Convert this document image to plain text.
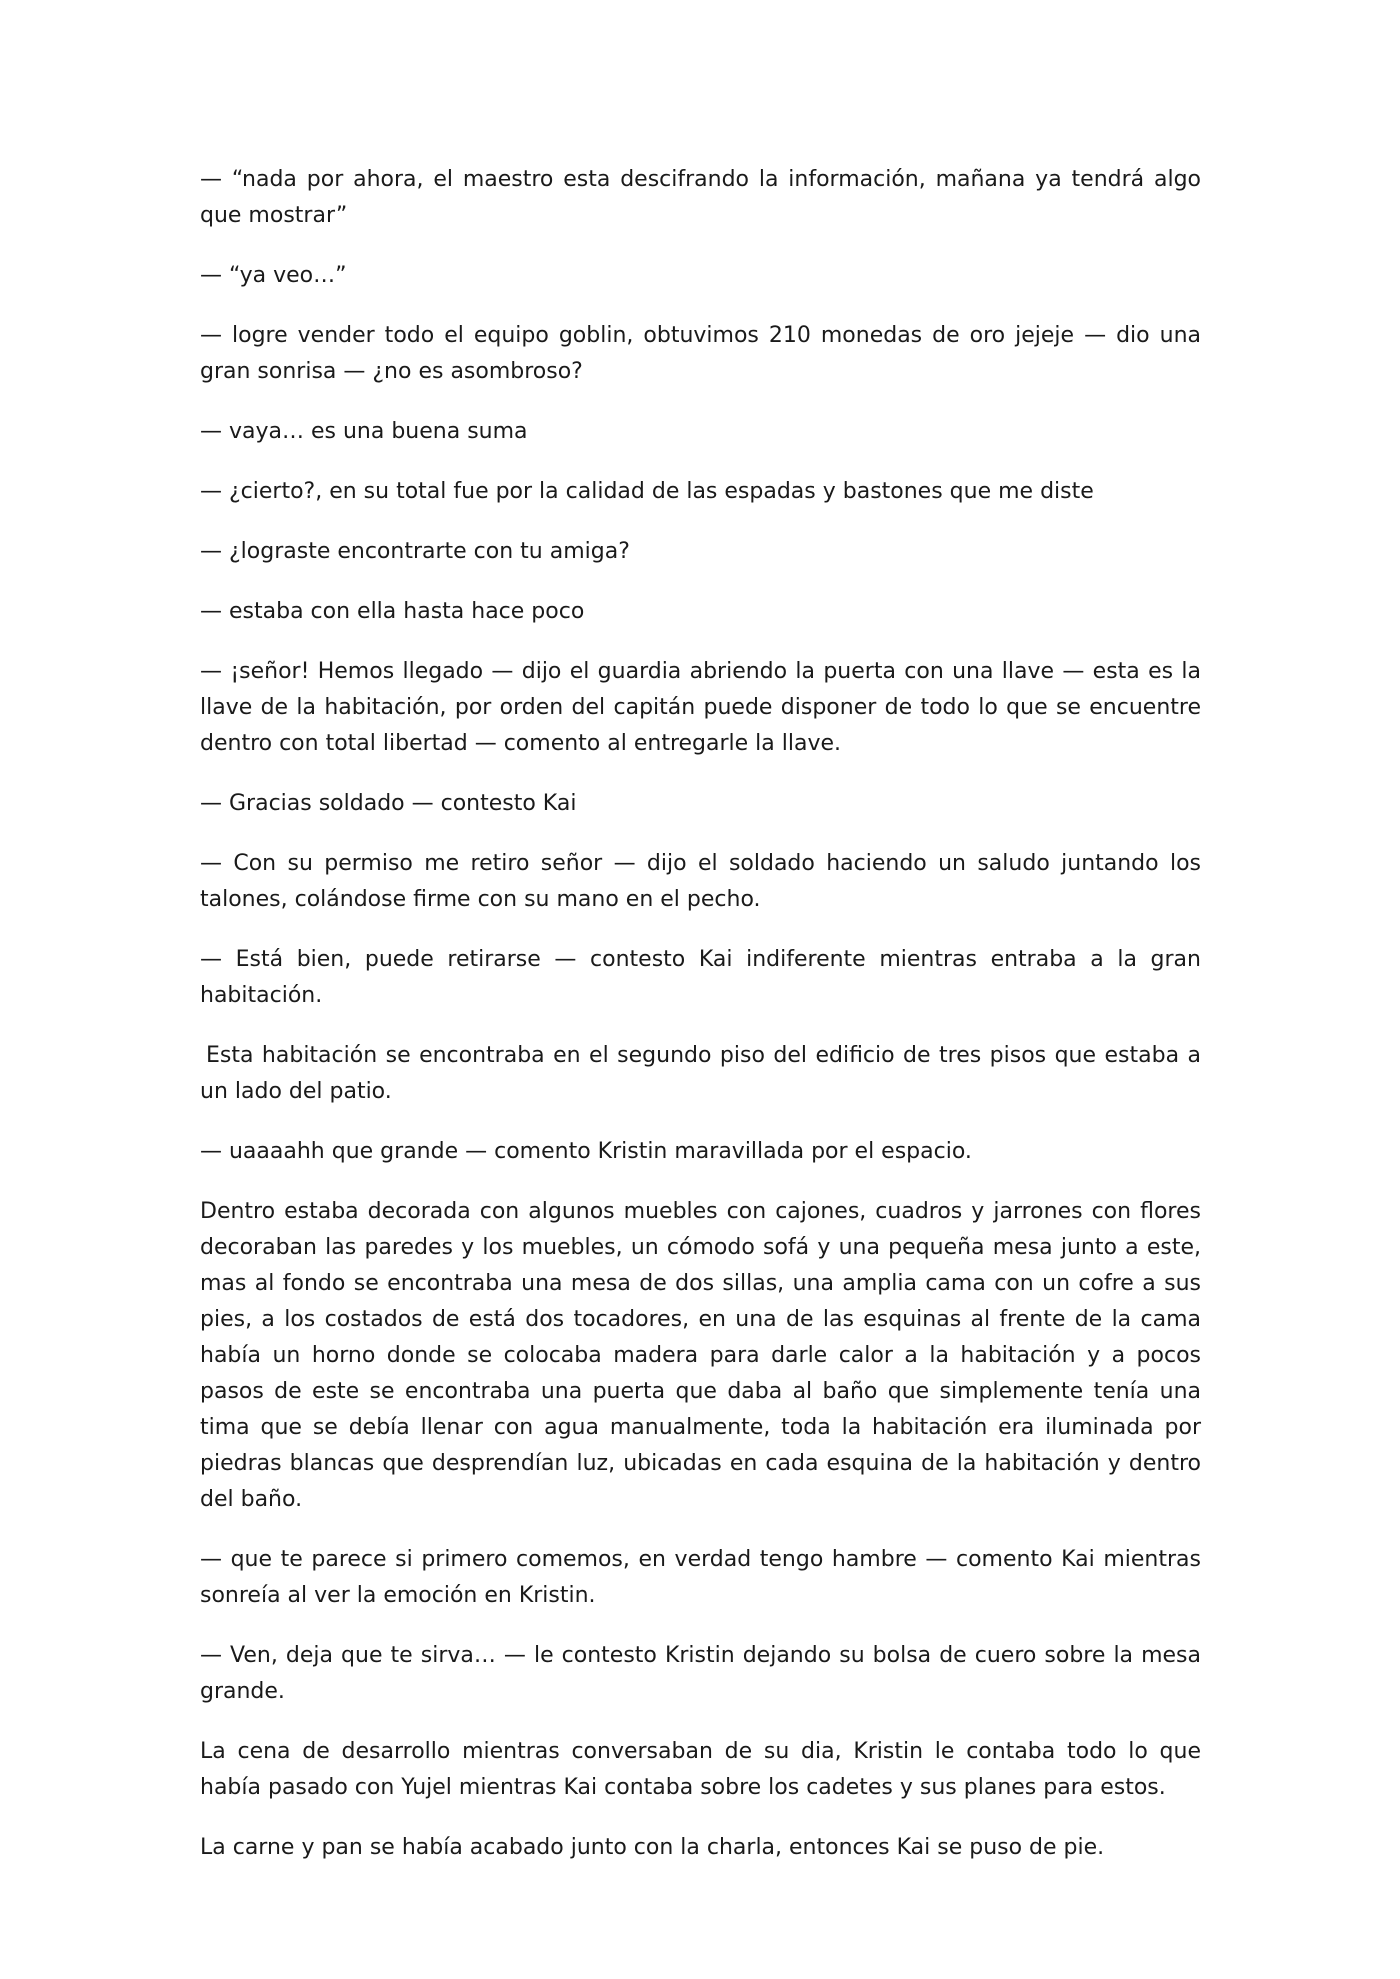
— “nada por ahora, el maestro esta descifrando la información, mañana ya tendrá algo que mostrar”

— “ya veo…”

— logre vender todo el equipo goblin, obtuvimos 210 monedas de oro jejeje — dio una gran sonrisa — ¿no es asombroso?

— vaya… es una buena suma

— ¿cierto?, en su total fue por la calidad de las espadas y bastones que me diste

— ¿lograste encontrarte con tu amiga?

— estaba con ella hasta hace poco

— ¡señor! Hemos llegado — dijo el guardia abriendo la puerta con una llave — esta es la llave de la habitación, por orden del capitán puede disponer de todo lo que se encuentre dentro con total libertad — comento al entregarle la llave.

— Gracias soldado — contesto Kai

— Con su permiso me retiro señor — dijo el soldado haciendo un saludo juntando los talones, colándose firme con su mano en el pecho.

— Está bien, puede retirarse — contesto Kai indiferente mientras entraba a la gran habitación.

Esta habitación se encontraba en el segundo piso del edificio de tres pisos que estaba a un lado del patio.

— uaaaahh que grande — comento Kristin maravillada por el espacio.

Dentro estaba decorada con algunos muebles con cajones, cuadros y jarrones con flores decoraban las paredes y los muebles, un cómodo sofá y una pequeña mesa junto a este, mas al fondo se encontraba una mesa de dos sillas, una amplia cama con un cofre a sus pies, a los costados de está dos tocadores, en una de las esquinas al frente de la cama había un horno donde se colocaba madera para darle calor a la habitación y a pocos pasos de este se encontraba una puerta que daba al baño que simplemente tenía una tima que se debía llenar con agua manualmente, toda la habitación era iluminada por piedras blancas que desprendían luz, ubicadas en cada esquina de la habitación y dentro del baño.

— que te parece si primero comemos, en verdad tengo hambre — comento Kai mientras sonreía al ver la emoción en Kristin.

— Ven, deja que te sirva… — le contesto Kristin dejando su bolsa de cuero sobre la mesa grande.

La cena de desarrollo mientras conversaban de su dia, Kristin le contaba todo lo que había pasado con Yujel mientras Kai contaba sobre los cadetes y sus planes para estos.

La carne y pan se había acabado junto con la charla, entonces Kai se puso de pie.
